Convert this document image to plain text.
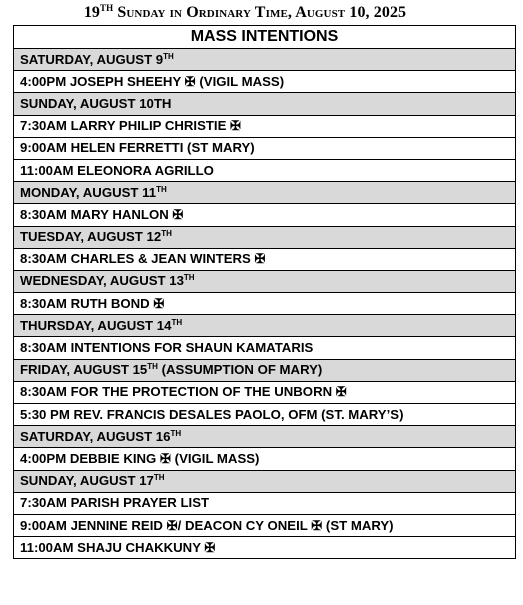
19TH Sunday in Ordinary Time, August 10, 2025
MASS INTENTIONS
SATURDAY, AUGUST 9TH
4:00PM JOSEPH SHEEHY ✠ (VIGIL MASS)
SUNDAY, AUGUST 10TH
7:30AM LARRY PHILIP CHRISTIE ✠
9:00AM HELEN FERRETTI (ST MARY)
11:00AM ELEONORA AGRILLO
MONDAY, AUGUST 11TH
8:30AM MARY HANLON ✠
TUESDAY, AUGUST 12TH
8:30AM CHARLES & JEAN WINTERS ✠
WEDNESDAY, AUGUST 13TH
8:30AM RUTH BOND ✠
THURSDAY, AUGUST 14TH
8:30AM INTENTIONS FOR SHAUN KAMATARIS
FRIDAY, AUGUST 15TH (ASSUMPTION OF MARY)
8:30AM FOR THE PROTECTION OF THE UNBORN ✠
5:30 PM REV. FRANCIS DESALES PAOLO, OFM (ST. MARY’S)
SATURDAY, AUGUST 16TH
4:00PM DEBBIE KING ✠ (VIGIL MASS)
SUNDAY, AUGUST 17TH
7:30AM PARISH PRAYER LIST
9:00AM JENNINE REID ✠/ DEACON CY ONEIL ✠ (ST MARY)
11:00AM SHAJU CHAKKUNY ✠
